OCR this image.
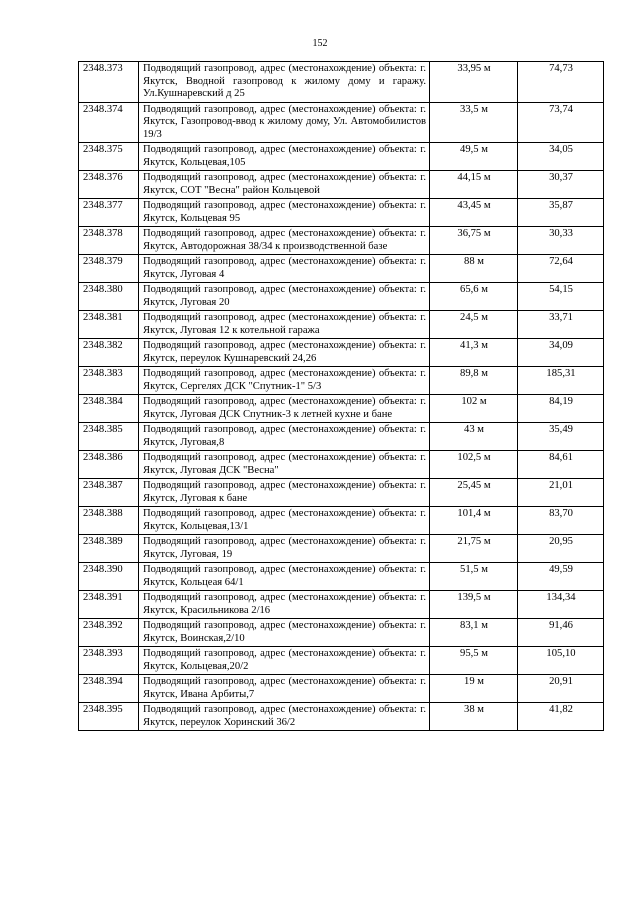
152
2348.373	Подводящий газопровод, адрес (местонахождение) объекта: г. Якутск, Вводной газопровод к жилому дому и гаражу. Ул.Кушнаревский д 25	33,95 м	74,73
2348.374	Подводящий газопровод, адрес (местонахождение) объекта: г. Якутск, Газопровод-ввод к жилому дому, Ул. Автомобилистов 19/3	33,5 м	73,74
2348.375	Подводящий газопровод, адрес (местонахождение) объекта: г. Якутск, Кольцевая,105	49,5 м	34,05
2348.376	Подводящий газопровод, адрес (местонахождение) объекта: г. Якутск, СОТ "Весна" район Кольцевой	44,15 м	30,37
2348.377	Подводящий газопровод, адрес (местонахождение) объекта: г. Якутск, Кольцевая 95	43,45 м	35,87
2348.378	Подводящий газопровод, адрес (местонахождение) объекта: г. Якутск, Автодорожная 38/34 к производственной базе	36,75 м	30,33
2348.379	Подводящий газопровод, адрес (местонахождение) объекта: г. Якутск, Луговая 4	88 м	72,64
2348.380	Подводящий газопровод, адрес (местонахождение) объекта: г. Якутск, Луговая 20	65,6 м	54,15
2348.381	Подводящий газопровод, адрес (местонахождение) объекта: г. Якутск, Луговая 12 к котельной гаража	24,5 м	33,71
2348.382	Подводящий газопровод, адрес (местонахождение) объекта: г. Якутск, переулок Кушнаревский 24,26	41,3 м	34,09
2348.383	Подводящий газопровод, адрес (местонахождение) объекта: г. Якутск, Сергелях ДСК "Спутник-1" 5/3	89,8 м	185,31
2348.384	Подводящий газопровод, адрес (местонахождение) объекта: г. Якутск, Луговая ДСК Спутник-3 к летней кухне и бане	102 м	84,19
2348.385	Подводящий газопровод, адрес (местонахождение) объекта: г. Якутск, Луговая,8	43 м	35,49
2348.386	Подводящий газопровод, адрес (местонахождение) объекта: г. Якутск, Луговая ДСК "Весна"	102,5 м	84,61
2348.387	Подводящий газопровод, адрес (местонахождение) объекта: г. Якутск, Луговая к бане	25,45 м	21,01
2348.388	Подводящий газопровод, адрес (местонахождение) объекта: г. Якутск, Кольцевая,13/1	101,4 м	83,70
2348.389	Подводящий газопровод, адрес (местонахождение) объекта: г. Якутск, Луговая, 19	21,75 м	20,95
2348.390	Подводящий газопровод, адрес (местонахождение) объекта: г. Якутск, Кольцеая 64/1	51,5 м	49,59
2348.391	Подводящий газопровод, адрес (местонахождение) объекта: г. Якутск, Красильникова 2/16	139,5 м	134,34
2348.392	Подводящий газопровод, адрес (местонахождение) объекта: г. Якутск, Воинская,2/10	83,1 м	91,46
2348.393	Подводящий газопровод, адрес (местонахождение) объекта: г. Якутск, Кольцевая,20/2	95,5 м	105,10
2348.394	Подводящий газопровод, адрес (местонахождение) объекта: г. Якутск, Ивана Арбиты,7	19 м	20,91
2348.395	Подводящий газопровод, адрес (местонахождение) объекта: г. Якутск, переулок Хоринский 36/2	38 м	41,82
